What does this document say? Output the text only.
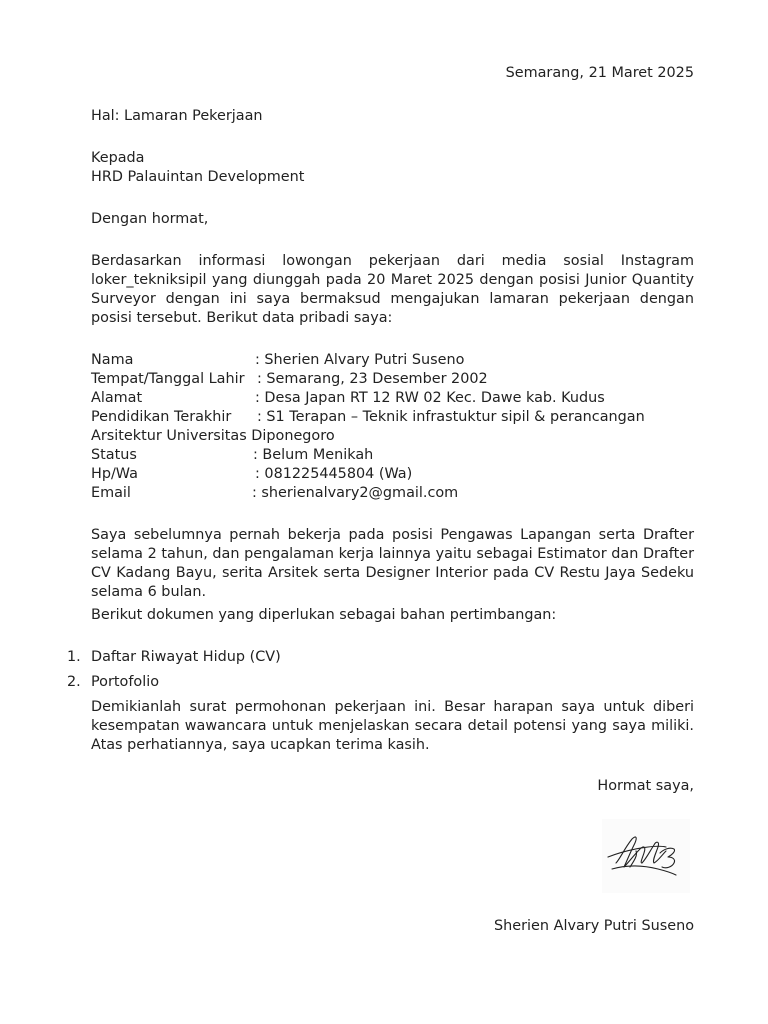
Semarang, 21 Maret 2025
Hal: Lamaran Pekerjaan
Kepada
HRD Palauintan Development
Dengan hormat,

Berdasarkan informasi lowongan pekerjaan dari media sosial Instagram loker_tekniksipil yang diunggah pada 20 Maret 2025 dengan posisi Junior Quantity Surveyor dengan ini saya bermaksud mengajukan lamaran pekerjaan dengan posisi tersebut. Berikut data pribadi saya:

Nama	: Sherien Alvary Putri Suseno
Tempat/Tanggal Lahir : Semarang, 23 Desember 2002
Alamat	: Desa Japan RT 12 RW 02 Kec. Dawe kab. Kudus
Pendidikan Terakhir : S1 Terapan – Teknik infrastuktur sipil & perancangan
Arsitektur Universitas Diponegoro
Status	: Belum Menikah
Hp/Wa	: 081225445804 (Wa)
Email	: sherienalvary2@gmail.com

Saya sebelumnya pernah bekerja pada posisi Pengawas Lapangan serta Drafter selama 2 tahun, dan pengalaman kerja lainnya yaitu sebagai Estimator dan Drafter CV Kadang Bayu, serita Arsitek serta Designer Interior pada CV Restu Jaya Sedeku selama 6 bulan.

Berikut dokumen yang diperlukan sebagai bahan pertimbangan:
1. Daftar Riwayat Hidup (CV)
2. Portofolio

Demikianlah surat permohonan pekerjaan ini. Besar harapan saya untuk diberi kesempatan wawancara untuk menjelaskan secara detail potensi yang saya miliki. Atas perhatiannya, saya ucapkan terima kasih.

Hormat saya,
Sherien Alvary Putri Suseno
